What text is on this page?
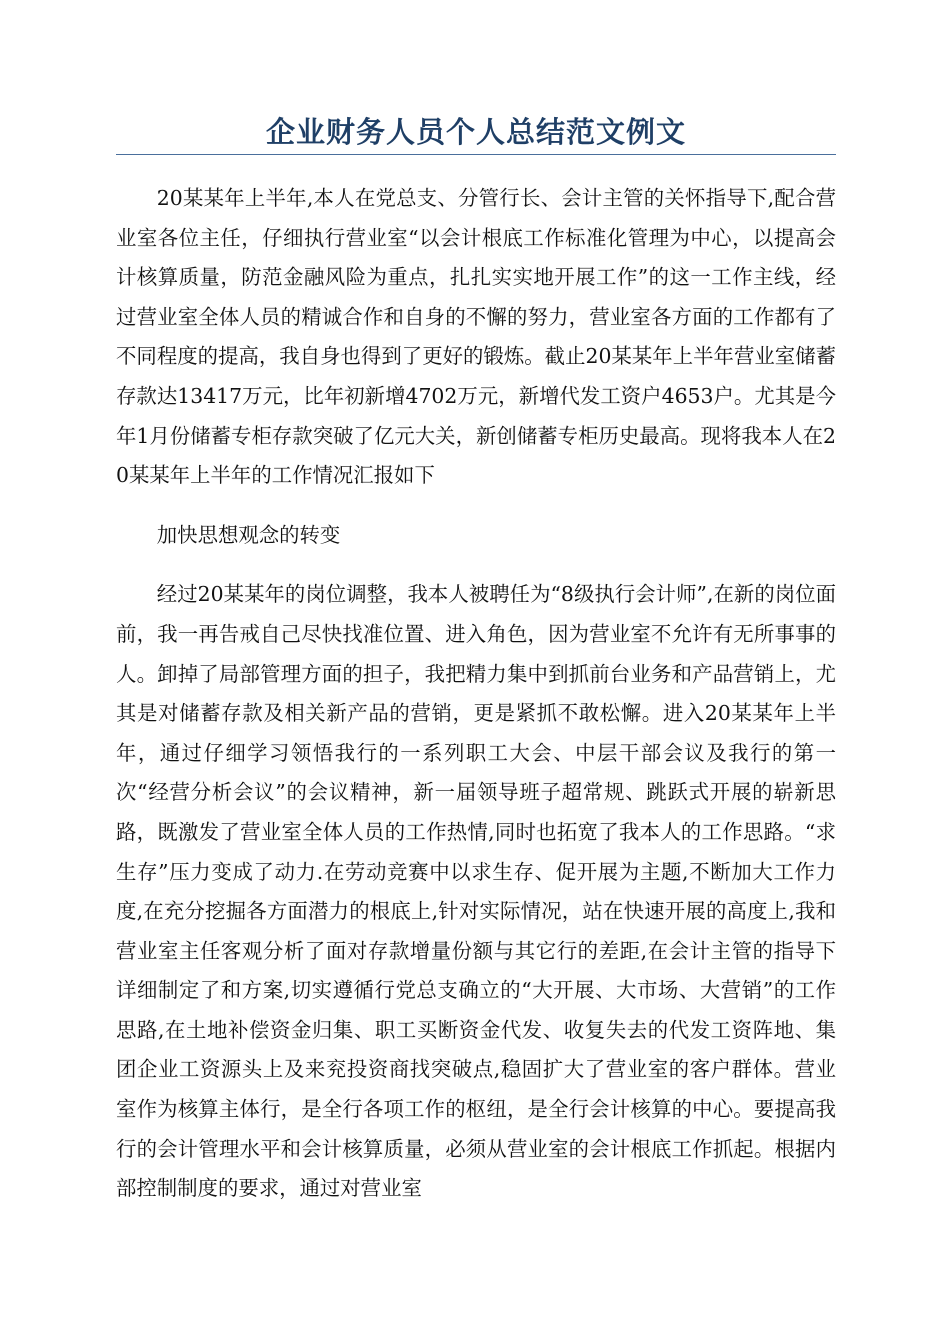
企业财务人员个人总结范文例文

20某某年上半年,本人在党总支、分管行长、会计主管的关怀指导下,配合营业室各位主任，仔细执行营业室“以会计根底工作标准化管理为中心，以提高会计核算质量，防范金融风险为重点，扎扎实实地开展工作”的这一工作主线，经过营业室全体人员的精诚合作和自身的不懈的努力，营业室各方面的工作都有了不同程度的提高，我自身也得到了更好的锻炼。截止20某某年上半年营业室储蓄存款达13417万元，比年初新增4702万元，新增代发工资户4653户。尤其是今年1月份储蓄专柜存款突破了亿元大关，新创储蓄专柜历史最高。现将我本人在20某某年上半年的工作情况汇报如下

加快思想观念的转变

经过20某某年的岗位调整，我本人被聘任为“8级执行会计师”,在新的岗位面前，我一再告戒自己尽快找准位置、进入角色，因为营业室不允许有无所事事的人。卸掉了局部管理方面的担子，我把精力集中到抓前台业务和产品营销上，尤其是对储蓄存款及相关新产品的营销，更是紧抓不敢松懈。进入20某某年上半年，通过仔细学习领悟我行的一系列职工大会、中层干部会议及我行的第一次“经营分析会议”的会议精神，新一届领导班子超常规、跳跃式开展的崭新思路，既激发了营业室全体人员的工作热情,同时也拓宽了我本人的工作思路。“求生存”压力变成了动力.在劳动竞赛中以求生存、促开展为主题,不断加大工作力度,在充分挖掘各方面潜力的根底上,针对实际情况，站在快速开展的高度上,我和营业室主任客观分析了面对存款增量份额与其它行的差距,在会计主管的指导下详细制定了和方案,切实遵循行党总支确立的“大开展、大市场、大营销”的工作思路,在土地补偿资金归集、职工买断资金代发、收复失去的代发工资阵地、集团企业工资源头上及来兖投资商找突破点,稳固扩大了营业室的客户群体。营业室作为核算主体行，是全行各项工作的枢纽，是全行会计核算的中心。要提高我行的会计管理水平和会计核算质量，必须从营业室的会计根底工作抓起。根据内部控制制度的要求，通过对营业室
